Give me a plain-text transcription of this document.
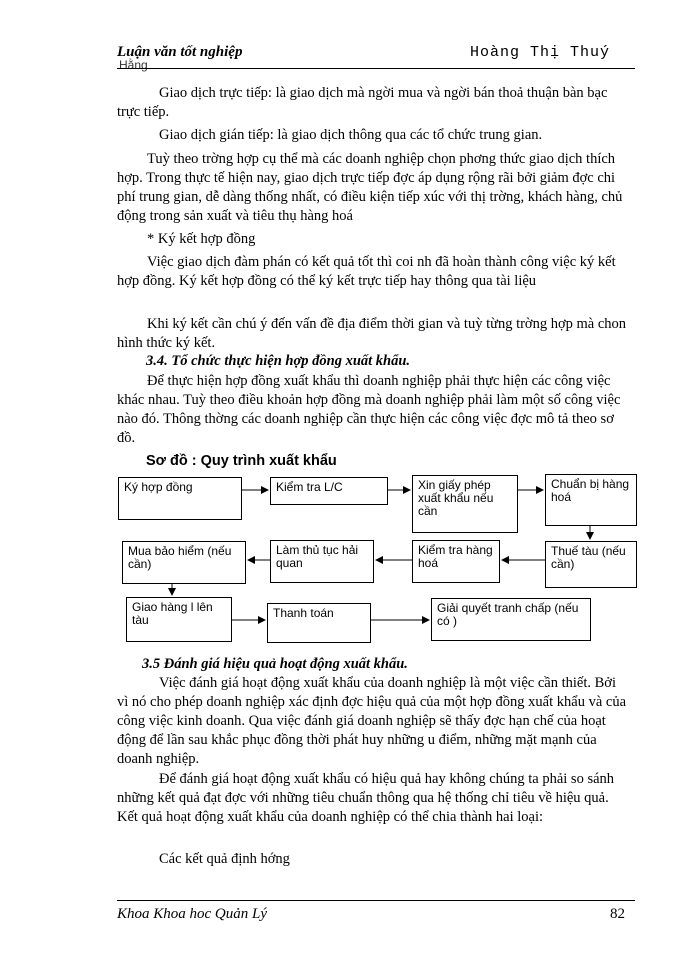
Luận văn tốt nghiệp
Hằng
Hoàng Thị Thuý

Giao dịch trực tiếp: là giao dịch mà ngời mua và ngời bán thoả thuận bàn bạc trực tiếp.

Giao dịch gián tiếp: là giao dịch thông qua các tổ chức trung gian.

Tuỳ theo trờng hợp cụ thể mà các doanh nghiệp chọn phơng thức giao dịch thích hợp. Trong thực tế hiện nay, giao dịch trực tiếp đợc áp dụng rộng rãi bởi giảm đợc chi phí trung gian, dễ dàng thống nhất, có điều kiện tiếp xúc với thị trờng, khách hàng, chủ động trong sản xuất và tiêu thụ hàng hoá

* Ký kết hợp đồng

Việc giao dịch đàm phán có kết quả tốt thì coi nh đã hoàn thành công việc ký kết hợp đồng. Ký kết hợp đồng có thể ký kết trực tiếp hay thông qua tài liệu

Khi ký kết cần chú ý đến vấn đề địa điểm thời gian và tuỳ từng trờng hợp mà chon hình thức ký kết.

3.4. Tổ chức thực hiện hợp đồng xuất khẩu.

Để thực hiện hợp đồng xuất khẩu thì doanh nghiệp phải thực hiện các công việc khác nhau. Tuỳ theo điều khoản hợp đồng mà doanh nghiệp phải làm một số công việc nào đó. Thông thờng các doanh nghiệp cần thực hiện các công việc đợc mô tả theo sơ đồ.

Sơ đồ : Quy trình xuất khẩu
Ký hợp đồng	Kiểm tra L/C	Xin giấy phép xuất khẩu nếu cần
Chuẩn bị hàng hoá
Thuế tàu (nếu cần)
Kiểm tra hàng hoá
Làm thủ tục hải quan
Mua bảo hiểm (nếu cần)
Giao hàng l lên tàu	Thanh toán	Giải quyết tranh chấp (nếu có )

3.5 Đánh giá hiệu quả hoạt động xuất khẩu.

Việc đánh giá hoạt động xuất khẩu của doanh nghiệp là một việc cần thiết. Bởi vì nó cho phép doanh nghiệp xác định đợc hiệu quả của một hợp đồng xuất khẩu và của công việc kinh doanh. Qua việc đánh giá doanh nghiệp sẽ thấy đợc hạn chế của hoạt động để lần sau khắc phục đồng thời phát huy những u điểm, những mặt mạnh của doanh nghiệp.

Để đánh giá hoạt động xuất khẩu có hiệu quả hay không chúng ta phải so sánh những kết quả đạt đợc với những tiêu chuẩn thông qua hệ thống chỉ tiêu về hiệu quả. Kết quả hoạt động xuất khẩu của doanh nghiệp có thể chia thành hai loại:

Các kết quả định hớng

Khoa Khoa hoc Quản Lý	82
